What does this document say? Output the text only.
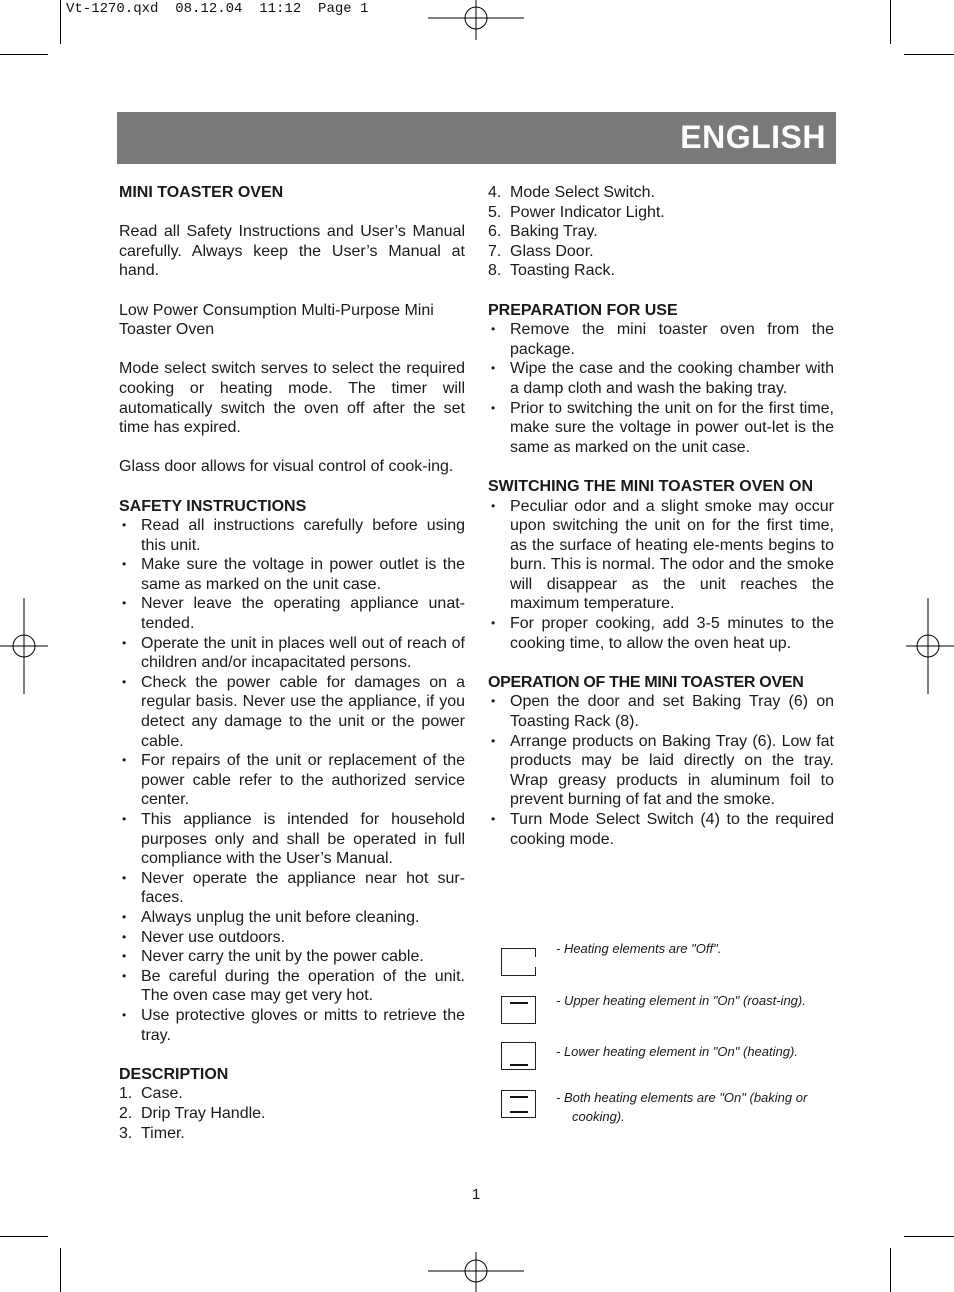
Vt-1270.qxd  08.12.04  11:12  Page 1
ENGLISH

MINI TOASTER OVEN

Read all Safety Instructions and User’s Manual carefully. Always keep the User’s Manual at hand.

Low Power Consumption Multi-Purpose Mini Toaster Oven

Mode select switch serves to select the required cooking or heating mode. The timer will automatically switch the oven off after the set time has expired.

Glass door allows for visual control of cook-ing.

SAFETY INSTRUCTIONS

• Read all instructions carefully before using this unit.
• Make sure the voltage in power outlet is the same as marked on the unit case.
• Never leave the operating appliance unat-tended.
• Operate the unit in places well out of reach of children and/or incapacitated persons.
• Check the power cable for damages on a regular basis. Never use the appliance, if you detect any damage to the unit or the power cable.
• For repairs of the unit or replacement of the power cable refer to the authorized service center.
• This appliance is intended for household purposes only and shall be operated in full compliance with the User’s Manual.
• Never operate the appliance near hot sur-faces.
• Always unplug the unit before cleaning.
• Never use outdoors.
• Never carry the unit by the power cable.
• Be careful during the operation of the unit. The oven case may get very hot.
• Use protective gloves or mitts to retrieve the tray.

DESCRIPTION

1. Case.
2. Drip Tray Handle.
3. Timer.
4. Mode Select Switch.
5. Power Indicator Light.
6. Baking Tray.
7. Glass Door.
8. Toasting Rack.

PREPARATION FOR USE

• Remove the mini toaster oven from the package.
• Wipe the case and the cooking chamber with a damp cloth and wash the baking tray.
• Prior to switching the unit on for the first time, make sure the voltage in power out-let is the same as marked on the unit case.

SWITCHING THE MINI TOASTER OVEN ON

• Peculiar odor and a slight smoke may occur upon switching the unit on for the first time, as the surface of heating ele-ments begins to burn. This is normal. The odor and the smoke will disappear as the unit reaches the maximum temperature.
• For proper cooking, add 3-5 minutes to the cooking time, to allow the oven heat up.

OPERATION OF THE MINI TOASTER OVEN

• Open the door and set Baking Tray (6) on Toasting Rack (8).
• Arrange products on Baking Tray (6). Low fat products may be laid directly on the tray. Wrap greasy products in aluminum foil to prevent burning of fat and the smoke.
• Turn Mode Select Switch (4) to the required cooking mode.
- Heating elements are "Off".
- Upper heating element in "On" (roast-ing).
- Lower heating element in "On" (heating).
- Both heating elements are "On" (baking or cooking).
1
